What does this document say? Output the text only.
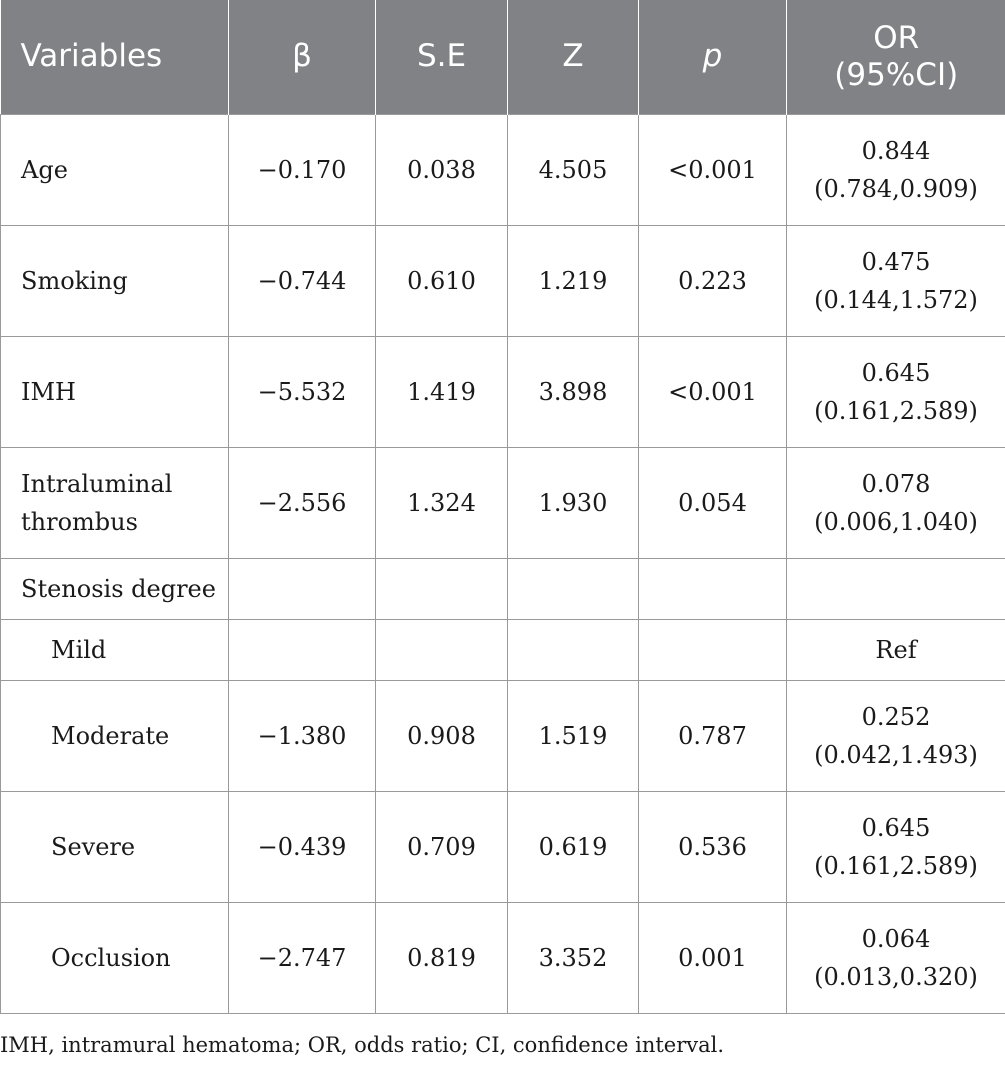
Variables	β	S.E	Z	p	OR
(95%CI)

Age	−0.170	0.038	4.505	<0.001	0.844
(0.784,0.909)

Smoking	−0.744	0.610	1.219	0.223	0.475
(0.144,1.572)

IMH	−5.532	1.419	3.898	<0.001	0.645
(0.161,2.589)

Intraluminal
thrombus	−2.556	1.324	1.930	0.054	0.078
(0.006,1.040)

Stenosis degree					
Mild					Ref
Moderate	−1.380	0.908	1.519	0.787	0.252
(0.042,1.493)

Severe	−0.439	0.709	0.619	0.536	0.645
(0.161,2.589)

Occlusion	−2.747	0.819	3.352	0.001	0.064
(0.013,0.320)
IMH, intramural hematoma; OR, odds ratio; CI, confidence interval.
